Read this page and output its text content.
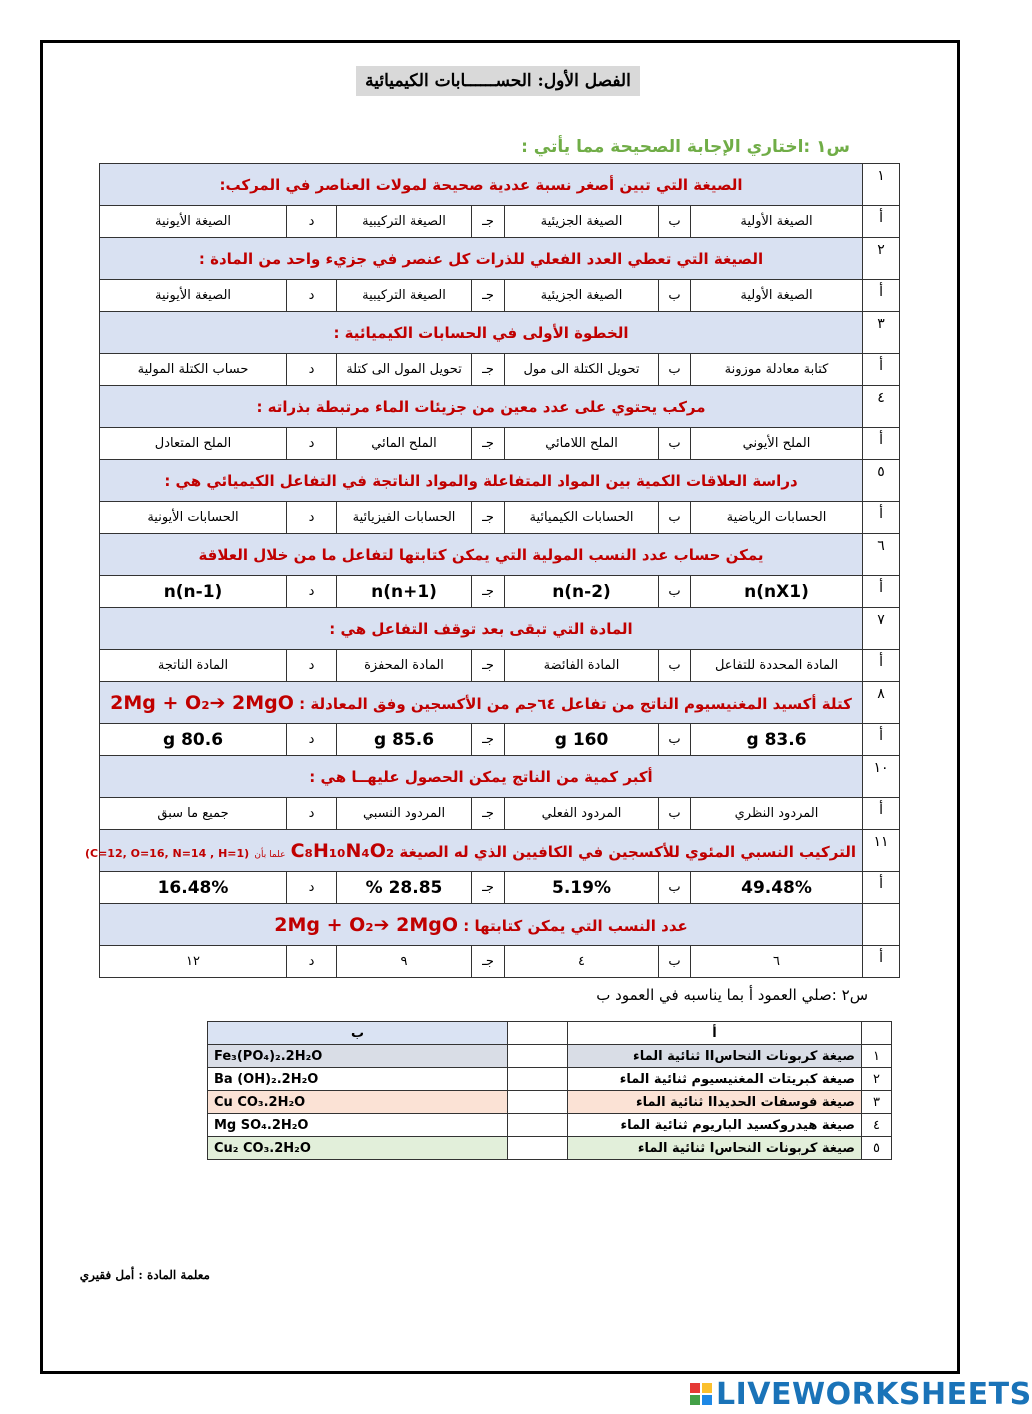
الفصل الأول: الحســــــابات الكيميائية
س١ :اختاري الإجابة الصحيحة مما يأتي :
١	الصيغة التي تبين أصغر نسبة عددية صحيحة لمولات العناصر في المركب:						
أ	الصيغة الأولية	ب	الصيغة الجزيئية	جـ	الصيغة التركيبية	د	الصيغة الأيونية
٢	الصيغة التي تعطي العدد الفعلي للذرات كل عنصر في جزيء واحد من المادة :						
أ	الصيغة الأولية	ب	الصيغة الجزيئية	جـ	الصيغة التركيبية	د	الصيغة الأيونية
٣	الخطوة الأولى في الحسابات الكيميائية :						
أ	كتابة معادلة موزونة	ب	تحويل الكتلة الى مول	جـ	تحويل المول الى كتلة	د	حساب الكتلة المولية
٤	مركب يحتوي على عدد معين من جزيئات الماء مرتبطة بذراته :						
أ	الملح الأيوني	ب	الملح اللامائي	جـ	الملح المائي	د	الملح المتعادل
٥	دراسة العلاقات الكمية بين المواد المتفاعلة والمواد الناتجة في التفاعل الكيميائي هي :						
أ	الحسابات الرياضية	ب	الحسابات الكيميائية	جـ	الحسابات الفيزيائية	د	الحسابات الأيونية
٦	يمكن حساب عدد النسب المولية التي يمكن كتابتها لتفاعل ما من خلال العلاقة						
أ	n(nX1)	ب	n(n-2)	جـ	n(n+1)	د	n(n-1)
٧	المادة التي تبقى بعد توقف التفاعل هي :						
أ	المادة المحددة للتفاعل	ب	المادة الفائضة	جـ	المادة المحفزة	د	المادة الناتجة
٨	كتلة أكسيد المغنيسيوم الناتج من تفاعل ٦٤جم من الأكسجين وفق المعادلة : 2Mg + O₂➔ 2MgO						
أ	83.6 g	ب	160 g	جـ	85.6 g	د	80.6 g
١٠	أكبر كمية من الناتج يمكن الحصول عليهــا هي :						
أ	المردود النظري	ب	المردود الفعلي	جـ	المردود النسبي	د	جميع ما سبق
١١	التركيب النسبي المئوي للأكسجين في الكافيين الذي له الصيغة C₈H₁₀N₄O₂ علما بأن (C=12, O=16, N=14 , H=1)						
أ	49.48%	ب	5.19%	جـ	28.85 %	د	16.48%
	عدد النسب التي يمكن كتابتها : 2Mg + O₂➔ 2MgO						
أ	٦	ب	٤	جـ	٩	د	١٢
س٢ :صلي العمود أ بما يناسبه في العمود ب
	أ		ب
١	صيغة كربونات النحاسII ثنائية الماء		Fe₃(PO₄)₂.2H₂O
٢	صيغة كبريتات المغنيسيوم ثنائية الماء		Ba (OH)₂.2H₂O
٣	صيغة فوسفات الحديدII ثنائية الماء		Cu CO₃.2H₂O
٤	صيغة هيدروكسيد الباريوم ثنائية الماء		Mg SO₄.2H₂O
٥	صيغة كربونات النحاسI ثنائية الماء		Cu₂ CO₃.2H₂O
معلمة المادة : أمل فقيري
LIVEWORKSHEETS
